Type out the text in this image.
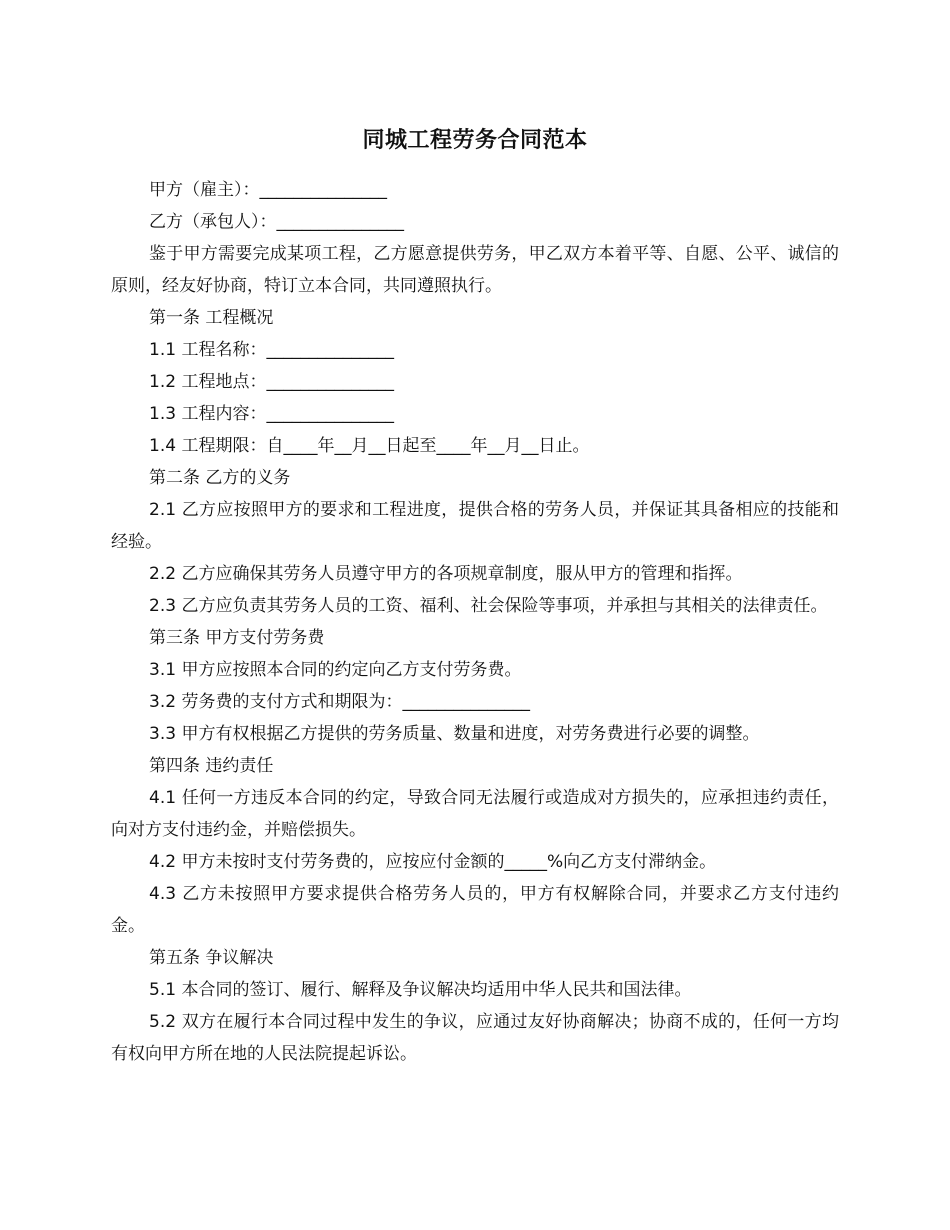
同城工程劳务合同范本

甲方（雇主）：_______________

乙方（承包人）：_______________

鉴于甲方需要完成某项工程，乙方愿意提供劳务，甲乙双方本着平等、自愿、公平、诚信的原则，经友好协商，特订立本合同，共同遵照执行。

第一条 工程概况

1.1 工程名称：_______________

1.2 工程地点：_______________

1.3 工程内容：_______________

1.4 工程期限：自____年__月__日起至____年__月__日止。

第二条 乙方的义务

2.1 乙方应按照甲方的要求和工程进度，提供合格的劳务人员，并保证其具备相应的技能和经验。

2.2 乙方应确保其劳务人员遵守甲方的各项规章制度，服从甲方的管理和指挥。

2.3 乙方应负责其劳务人员的工资、福利、社会保险等事项，并承担与其相关的法律责任。

第三条 甲方支付劳务费

3.1 甲方应按照本合同的约定向乙方支付劳务费。

3.2 劳务费的支付方式和期限为：_______________

3.3 甲方有权根据乙方提供的劳务质量、数量和进度，对劳务费进行必要的调整。

第四条 违约责任

4.1 任何一方违反本合同的约定，导致合同无法履行或造成对方损失的，应承担违约责任，向对方支付违约金，并赔偿损失。

4.2 甲方未按时支付劳务费的，应按应付金额的_____%向乙方支付滞纳金。

4.3 乙方未按照甲方要求提供合格劳务人员的，甲方有权解除合同，并要求乙方支付违约金。

第五条 争议解决

5.1 本合同的签订、履行、解释及争议解决均适用中华人民共和国法律。

5.2 双方在履行本合同过程中发生的争议，应通过友好协商解决；协商不成的，任何一方均有权向甲方所在地的人民法院提起诉讼。
